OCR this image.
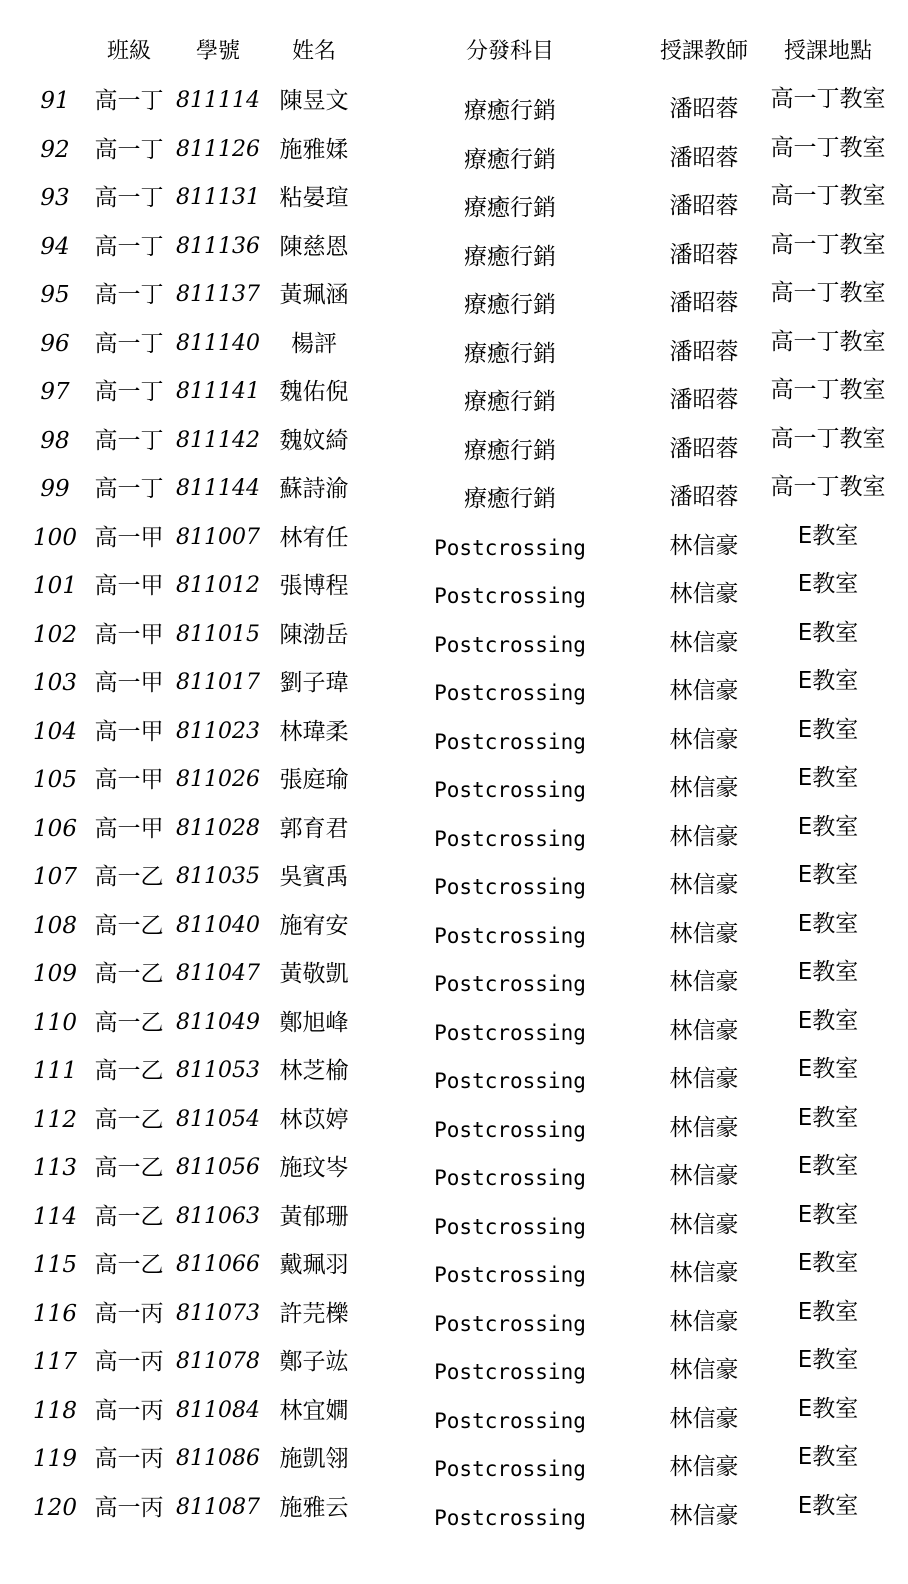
班級	學號	姓名	分發科目	授課教師	授課地點
91	高一丁 811114 陳昱文	療癒行銷	潘昭蓉	高一丁教室
92	高一丁 811126 施雅媃	療癒行銷	潘昭蓉	高一丁教室
93	高一丁 811131 粘晏瑄	療癒行銷	潘昭蓉	高一丁教室
94	高一丁 811136 陳慈恩	療癒行銷	潘昭蓉	高一丁教室
95	高一丁 811137 黃珮涵	療癒行銷	潘昭蓉	高一丁教室
96	高一丁 811140	楊評	療癒行銷	潘昭蓉	高一丁教室
97	高一丁 811141 魏佑倪	療癒行銷	潘昭蓉	高一丁教室
98	高一丁 811142 魏妏綺	療癒行銷	潘昭蓉	高一丁教室
99	高一丁 811144 蘇詩渝	療癒行銷	潘昭蓉	高一丁教室
100 高一甲 811007 林宥任	Postcrossing	林信豪	E教室
101 高一甲 811012 張博程	Postcrossing	林信豪	E教室
102 高一甲 811015 陳渤岳	Postcrossing	林信豪	E教室
103 高一甲 811017 劉子瑋	Postcrossing	林信豪	E教室
104 高一甲 811023 林瑋柔	Postcrossing	林信豪	E教室
105 高一甲 811026 張庭瑜	Postcrossing	林信豪	E教室
106 高一甲 811028 郭育君	Postcrossing	林信豪	E教室
107 高一乙 811035 吳賓禹	Postcrossing	林信豪	E教室
108 高一乙 811040 施宥安	Postcrossing	林信豪	E教室
109 高一乙 811047 黃敬凱	Postcrossing	林信豪	E教室
110 高一乙 811049 鄭旭峰	Postcrossing	林信豪	E教室
111 高一乙 811053 林芝榆	Postcrossing	林信豪	E教室
112 高一乙 811054 林苡婷	Postcrossing	林信豪	E教室
113 高一乙 811056 施玟岑	Postcrossing	林信豪	E教室
114 高一乙 811063 黃郁珊	Postcrossing	林信豪	E教室
115 高一乙 811066 戴珮羽	Postcrossing	林信豪	E教室
116 高一丙 811073 許芫櫟	Postcrossing	林信豪	E教室
117 高一丙 811078 鄭子竑	Postcrossing	林信豪	E教室
118 高一丙 811084 林宜嫺	Postcrossing	林信豪	E教室
119 高一丙 811086 施凱翎	Postcrossing	林信豪	E教室
120 高一丙 811087 施雅云	Postcrossing	林信豪	E教室
